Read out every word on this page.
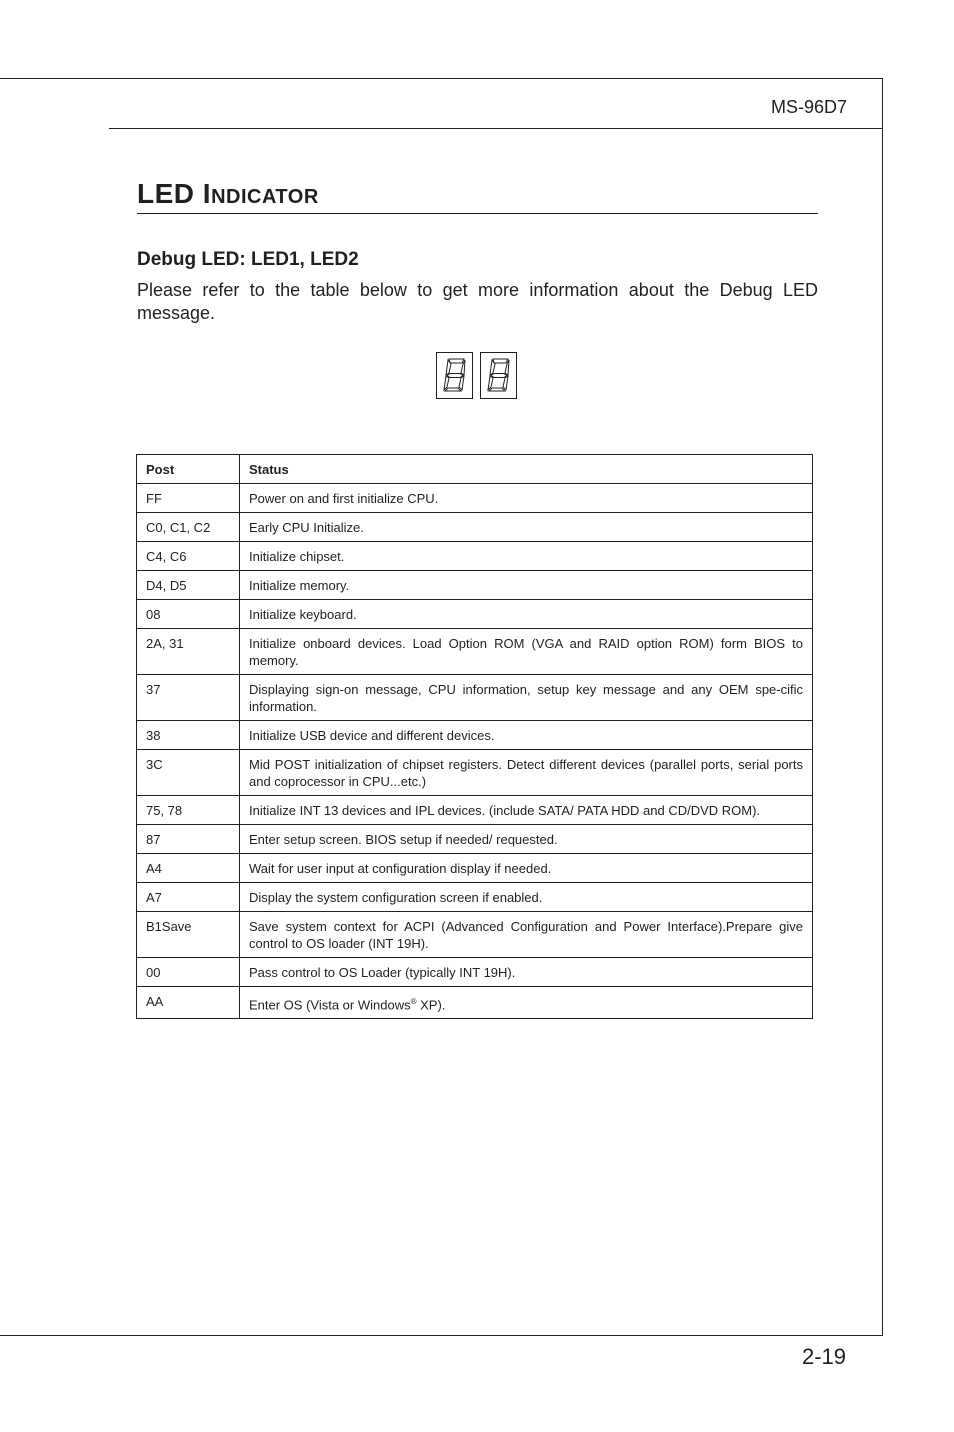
MS-96D7
LED Indicator
Debug LED: LED1, LED2
Please refer to the table below to get more information about the Debug LED message.
Post	Status
FF	Power on and first initialize CPU.
C0, C1, C2	Early CPU Initialize.
C4, C6	Initialize chipset.
D4, D5	Initialize memory.
08	Initialize keyboard.
2A, 31	Initialize onboard devices. Load Option ROM (VGA and RAID option ROM) form BIOS to memory.
37	Displaying sign-on message, CPU information, setup key message and any OEM spe-cific information.
38	Initialize USB device and different devices.
3C	Mid POST initialization of chipset registers. Detect different devices (parallel ports, serial ports and coprocessor in CPU...etc.)
75, 78	Initialize INT 13 devices and IPL devices. (include SATA/ PATA HDD and CD/DVD ROM).
87	Enter setup screen. BIOS setup if needed/ requested.
A4	Wait for user input at configuration display if needed.
A7	Display the system configuration screen if enabled.
B1Save	Save system context for ACPI (Advanced Configuration and Power Interface).Prepare give control to OS loader (INT 19H).
00	Pass control to OS Loader (typically INT 19H).
AA	Enter OS (Vista or Windows® XP).
2-19
